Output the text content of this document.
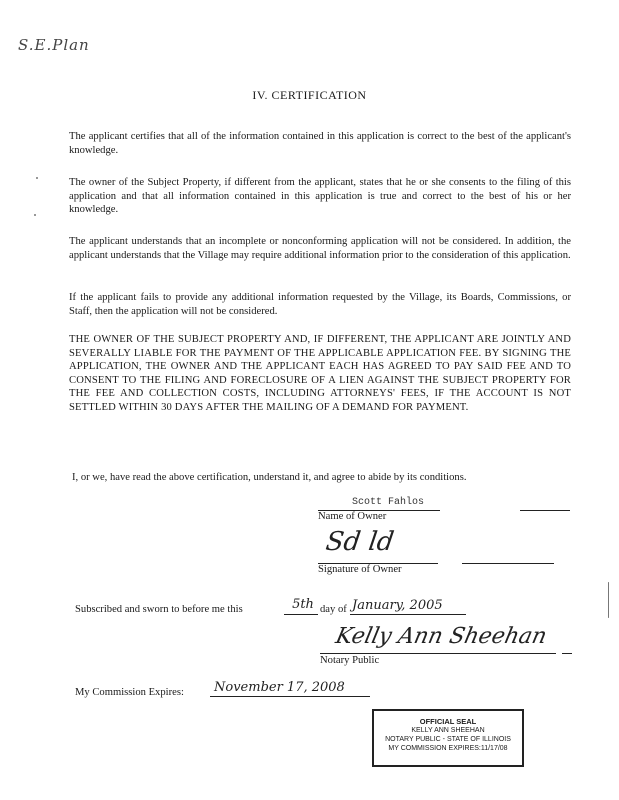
S.E.Plan
IV. CERTIFICATION
The applicant certifies that all of the information contained in this application is correct to the best of the applicant's knowledge.
The owner of the Subject Property, if different from the applicant, states that he or she consents to the filing of this application and that all information contained in this application is true and correct to the best of his or her knowledge.
The applicant understands that an incomplete or nonconforming application will not be considered. In addition, the applicant understands that the Village may require additional information prior to the consideration of this application.
If the applicant fails to provide any additional information requested by the Village, its Boards, Commissions, or Staff, then the application will not be considered.
THE OWNER OF THE SUBJECT PROPERTY AND, IF DIFFERENT, THE APPLICANT ARE JOINTLY AND SEVERALLY LIABLE FOR THE PAYMENT OF THE APPLICABLE APPLICATION FEE. BY SIGNING THE APPLICATION, THE OWNER AND THE APPLICANT EACH HAS AGREED TO PAY SAID FEE AND TO CONSENT TO THE FILING AND FORECLOSURE OF A LIEN AGAINST THE SUBJECT PROPERTY FOR THE FEE AND COLLECTION COSTS, INCLUDING ATTORNEYS' FEES, IF THE ACCOUNT IS NOT SETTLED WITHIN 30 DAYS AFTER THE MAILING OF A DEMAND FOR PAYMENT.
I, or we, have read the above certification, understand it, and agree to abide by its conditions.
Scott Fahlos
Name of Owner
Sd ld
Signature of Owner
Subscribed and sworn to before me this	5th day of January, 2005
Kelly Ann Sheehan
Notary Public
My Commission Expires: November 17, 2008
OFFICIAL SEAL
KELLY ANN SHEEHAN
NOTARY PUBLIC - STATE OF ILLINOIS
MY COMMISSION EXPIRES:11/17/08
